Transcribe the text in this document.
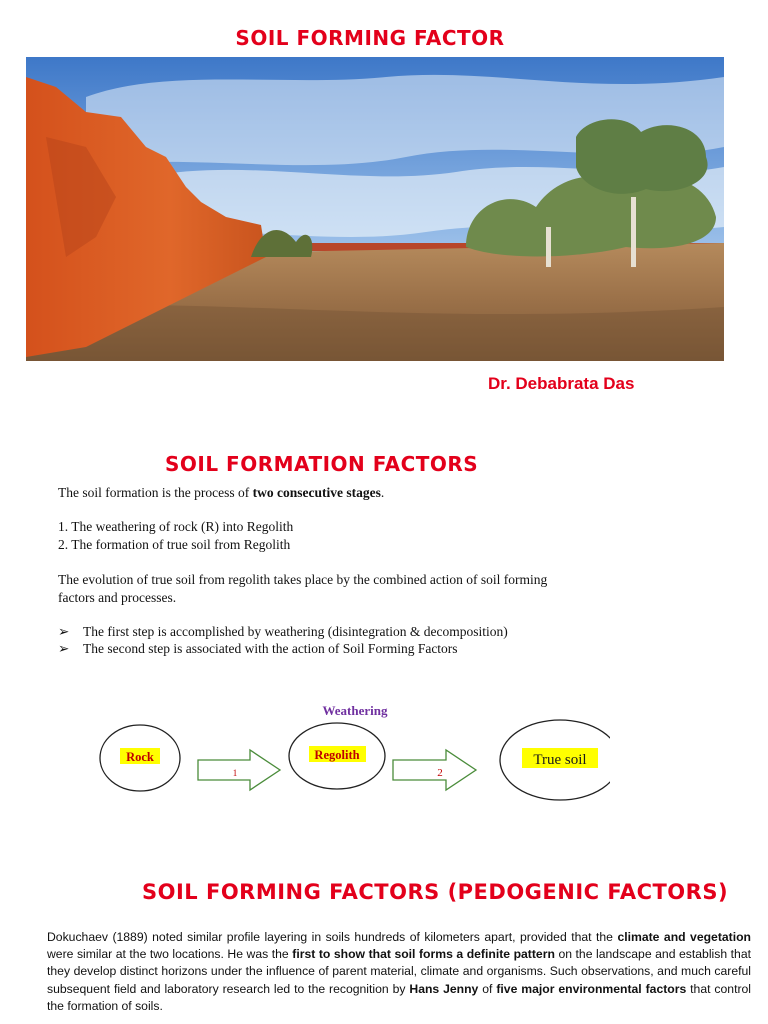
SOIL FORMING FACTOR
Dr. Debabrata Das
SOIL FORMATION FACTORS
The soil formation is the process of two consecutive stages.
1. The weathering of rock (R) into Regolith
2. The formation of true soil from Regolith
The evolution of true soil from regolith takes place by the combined action of soil forming
factors and processes.
➢ The first step is accomplished by weathering (disintegration & decomposition)
➢ The second step is associated with the action of Soil Forming Factors
Weathering
Rock
1
Regolith
2
True soil
SOIL FORMING FACTORS (PEDOGENIC FACTORS)
Dokuchaev (1889) noted similar profile layering in soils hundreds of kilometers apart, provided that the climate and vegetation were similar at the two locations. He was the first to show that soil forms a definite pattern on the landscape and establish that they develop distinct horizons under the influence of parent material, climate and organisms. Such observations, and much careful subsequent field and laboratory research led to the recognition by Hans Jenny of five major environmental factors that control the formation of soils.
